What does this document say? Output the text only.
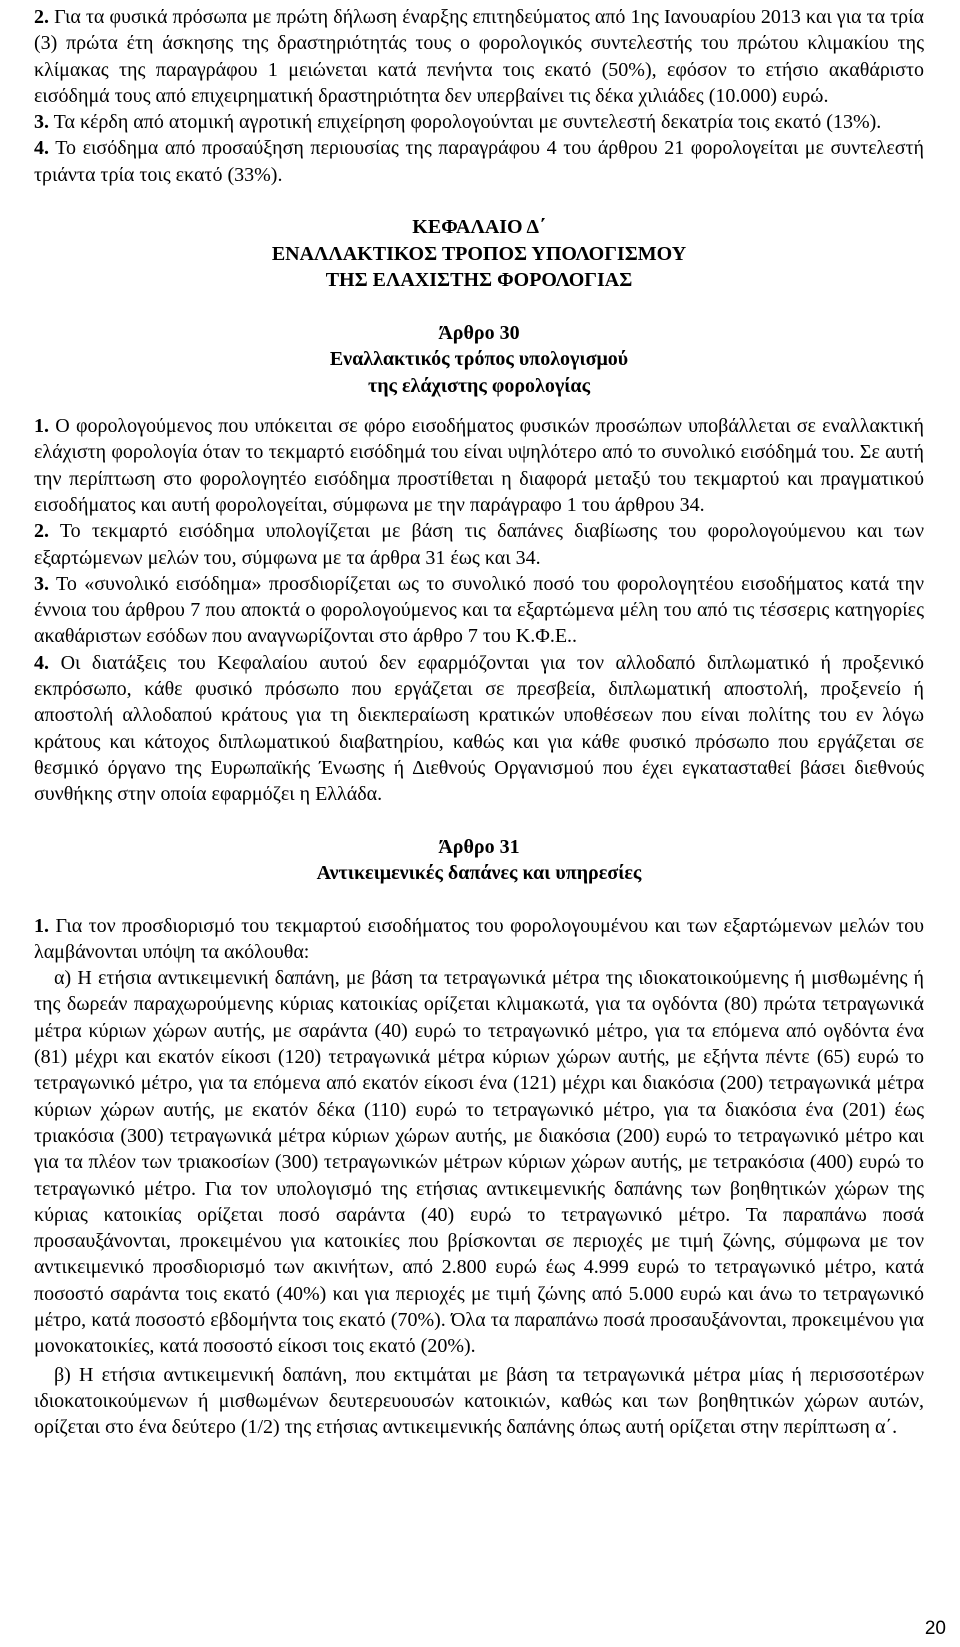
2. Για τα φυσικά πρόσωπα με πρώτη δήλωση έναρξης επιτηδεύματος από 1ης Ιανουαρίου 2013 και για τα τρία (3) πρώτα έτη άσκησης της δραστηριότητάς τους ο φορολογικός συντελεστής του πρώτου κλιμακίου της κλίμακας της παραγράφου 1 μειώνεται κατά πενήντα τοις εκατό (50%), εφόσον το ετήσιο ακαθάριστο εισόδημά τους από επιχειρηματική δραστηριότητα δεν υπερβαίνει τις δέκα χιλιάδες (10.000) ευρώ.

3. Τα κέρδη από ατομική αγροτική επιχείρηση φορολογούνται με συντελεστή δεκατρία τοις εκατό (13%).

4. Το εισόδημα από προσαύξηση περιουσίας της παραγράφου 4 του άρθρου 21 φορολογείται με συντελεστή τριάντα τρία τοις εκατό (33%).

ΚΕΦΑΛΑΙΟ Δ΄
ΕΝΑΛΛΑΚΤΙΚΟΣ ΤΡΟΠΟΣ ΥΠΟΛΟΓΙΣΜΟΥ
ΤΗΣ ΕΛΑΧΙΣΤΗΣ ΦΟΡΟΛΟΓΙΑΣ
Άρθρο 30
Εναλλακτικός τρόπος υπολογισμού
της ελάχιστης φορολογίας

1. Ο φορολογούμενος που υπόκειται σε φόρο εισοδήματος φυσικών προσώπων υποβάλλεται σε εναλλακτική ελάχιστη φορολογία όταν το τεκμαρτό εισόδημά του είναι υψηλότερο από το συνολικό εισόδημά του. Σε αυτή την περίπτωση στο φορολογητέο εισόδημα προστίθεται η διαφορά μεταξύ του τεκμαρτού και πραγματικού εισοδήματος και αυτή φορολογείται, σύμφωνα με την παράγραφο 1 του άρθρου 34.

2. Το τεκμαρτό εισόδημα υπολογίζεται με βάση τις δαπάνες διαβίωσης του φορολογούμενου και των εξαρτώμενων μελών του, σύμφωνα με τα άρθρα 31 έως και 34.

3. Το «συνολικό εισόδημα» προσδιορίζεται ως το συνολικό ποσό του φορολογητέου εισοδήματος κατά την έννοια του άρθρου 7 που αποκτά ο φορολογούμενος και τα εξαρτώμενα μέλη του από τις τέσσερις κατηγορίες ακαθάριστων εσόδων που αναγνωρίζονται στο άρθρο 7 του Κ.Φ.Ε..

4. Οι διατάξεις του Κεφαλαίου αυτού δεν εφαρμόζονται για τον αλλοδαπό διπλωματικό ή προξενικό εκπρόσωπο, κάθε φυσικό πρόσωπο που εργάζεται σε πρεσβεία, διπλωματική αποστολή, προξενείο ή αποστολή αλλοδαπού κράτους για τη διεκπεραίωση κρατικών υποθέσεων που είναι πολίτης του εν λόγω κράτους και κάτοχος διπλωματικού διαβατηρίου, καθώς και για κάθε φυσικό πρόσωπο που εργάζεται σε θεσμικό όργανο της Ευρωπαϊκής Ένωσης ή Διεθνούς Οργανισμού που έχει εγκατασταθεί βάσει διεθνούς συνθήκης στην οποία εφαρμόζει η Ελλάδα.

Άρθρο 31
Αντικειμενικές δαπάνες και υπηρεσίες

1. Για τον προσδιορισμό του τεκμαρτού εισοδήματος του φορολογουμένου και των εξαρτώμενων μελών του λαμβάνονται υπόψη τα ακόλουθα:

α) Η ετήσια αντικειμενική δαπάνη, με βάση τα τετραγωνικά μέτρα της ιδιοκατοικούμενης ή μισθωμένης ή της δωρεάν παραχωρούμενης κύριας κατοικίας ορίζεται κλιμακωτά, για τα ογδόντα (80) πρώτα τετραγωνικά μέτρα κύριων χώρων αυτής, με σαράντα (40) ευρώ το τετραγωνικό μέτρο, για τα επόμενα από ογδόντα ένα (81) μέχρι και εκατόν είκοσι (120) τετραγωνικά μέτρα κύριων χώρων αυτής, με εξήντα πέντε (65) ευρώ το τετραγωνικό μέτρο, για τα επόμενα από εκατόν είκοσι ένα (121) μέχρι και διακόσια (200) τετραγωνικά μέτρα κύριων χώρων αυτής, με εκατόν δέκα (110) ευρώ το τετραγωνικό μέτρο, για τα διακόσια ένα (201) έως τριακόσια (300) τετραγωνικά μέτρα κύριων χώρων αυτής, με διακόσια (200) ευρώ το τετραγωνικό μέτρο και για τα πλέον των τριακοσίων (300) τετραγωνικών μέτρων κύριων χώρων αυτής, με τετρακόσια (400) ευρώ το τετραγωνικό μέτρο. Για τον υπολογισμό της ετήσιας αντικειμενικής δαπάνης των βοηθητικών χώρων της κύριας κατοικίας ορίζεται ποσό σαράντα (40) ευρώ το τετραγωνικό μέτρο. Τα παραπάνω ποσά προσαυξάνονται, προκειμένου για κατοικίες που βρίσκονται σε περιοχές με τιμή ζώνης, σύμφωνα με τον αντικειμενικό προσδιορισμό των ακινήτων, από 2.800 ευρώ έως 4.999 ευρώ το τετραγωνικό μέτρο, κατά ποσοστό σαράντα τοις εκατό (40%) και για περιοχές με τιμή ζώνης από 5.000 ευρώ και άνω το τετραγωνικό μέτρο, κατά ποσοστό εβδομήντα τοις εκατό (70%). Όλα τα παραπάνω ποσά προσαυξάνονται, προκειμένου για μονοκατοικίες, κατά ποσοστό είκοσι τοις εκατό (20%).

β) Η ετήσια αντικειμενική δαπάνη, που εκτιμάται με βάση τα τετραγωνικά μέτρα μίας ή περισσοτέρων ιδιοκατοικούμενων ή μισθωμένων δευτερευουσών κατοικιών, καθώς και των βοηθητικών χώρων αυτών, ορίζεται στο ένα δεύτερο (1/2) της ετήσιας αντικειμενικής δαπάνης όπως αυτή ορίζεται στην περίπτωση α΄.

20
